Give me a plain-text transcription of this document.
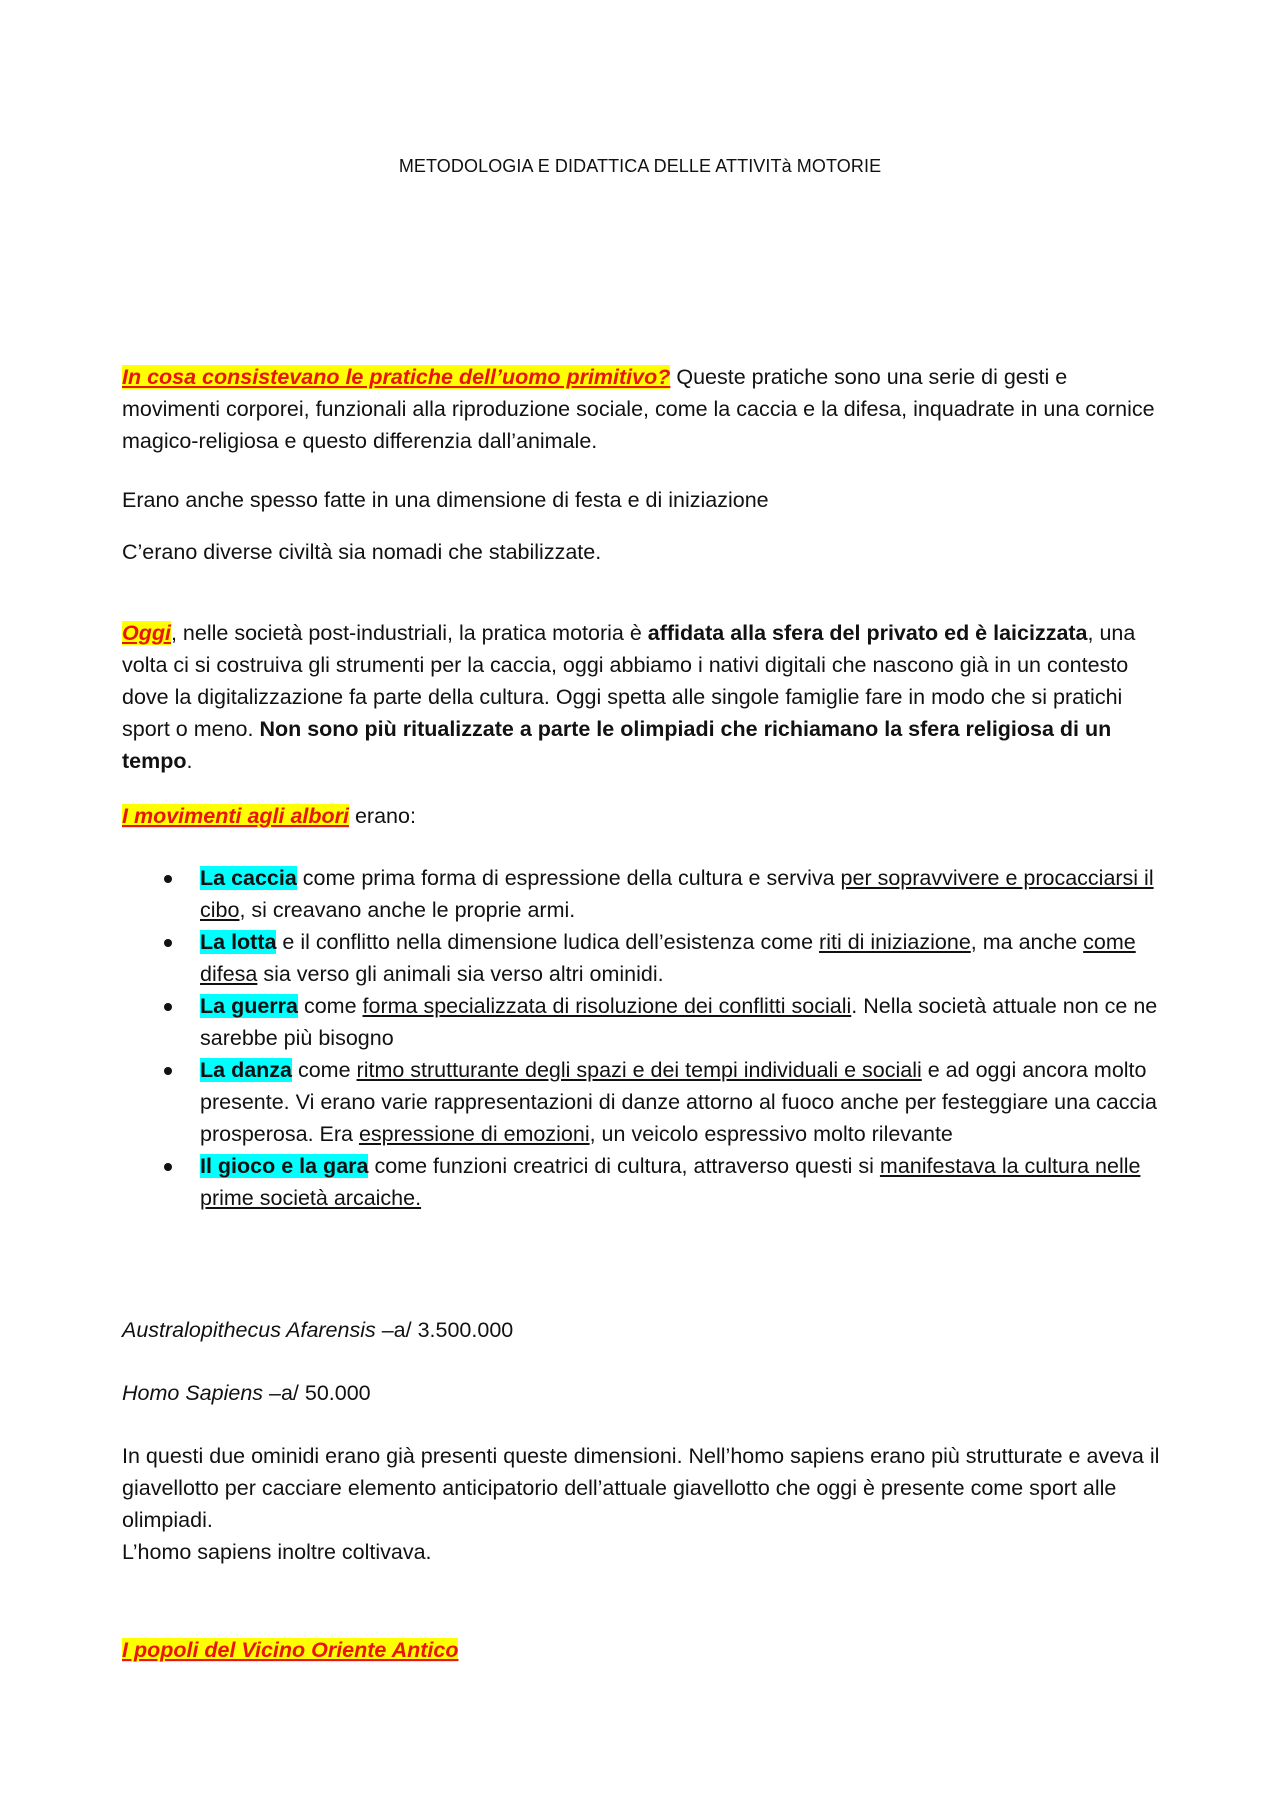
METODOLOGIA E DIDATTICA DELLE ATTIVITà MOTORIE

In cosa consistevano le pratiche dell’uomo primitivo? Queste pratiche sono una serie di gesti e movimenti corporei, funzionali alla riproduzione sociale, come la caccia e la difesa, inquadrate in una cornice magico-religiosa e questo differenzia dall’animale.

Erano anche spesso fatte in una dimensione di festa e di iniziazione

C’erano diverse civiltà sia nomadi che stabilizzate.

Oggi, nelle società post-industriali, la pratica motoria è affidata alla sfera del privato ed è laicizzata, una volta ci si costruiva gli strumenti per la caccia, oggi abbiamo i nativi digitali che nascono già in un contesto dove la digitalizzazione fa parte della cultura. Oggi spetta alle singole famiglie fare in modo che si pratichi sport o meno. Non sono più ritualizzate a parte le olimpiadi che richiamano la sfera religiosa di un tempo.

I movimenti agli albori erano:

La caccia come prima forma di espressione della cultura e serviva per sopravvivere e procacciarsi il cibo, si creavano anche le proprie armi.
La lotta e il conflitto nella dimensione ludica dell’esistenza come riti di iniziazione, ma anche come difesa sia verso gli animali sia verso altri ominidi.
La guerra come forma specializzata di risoluzione dei conflitti sociali. Nella società attuale non ce ne sarebbe più bisogno
La danza come ritmo strutturante degli spazi e dei tempi individuali e sociali e ad oggi ancora molto presente. Vi erano varie rappresentazioni di danze attorno al fuoco anche per festeggiare una caccia prosperosa. Era espressione di emozioni, un veicolo espressivo molto rilevante
Il gioco e la gara come funzioni creatrici di cultura, attraverso questi si manifestava la cultura nelle prime società arcaiche.

Australopithecus Afarensis –a/ 3.500.000

Homo Sapiens –a/ 50.000

In questi due ominidi erano già presenti queste dimensioni. Nell’homo sapiens erano più strutturate e aveva il giavellotto per cacciare elemento anticipatorio dell’attuale giavellotto che oggi è presente come sport alle olimpiadi.

L’homo sapiens inoltre coltivava.

I popoli del Vicino Oriente Antico
